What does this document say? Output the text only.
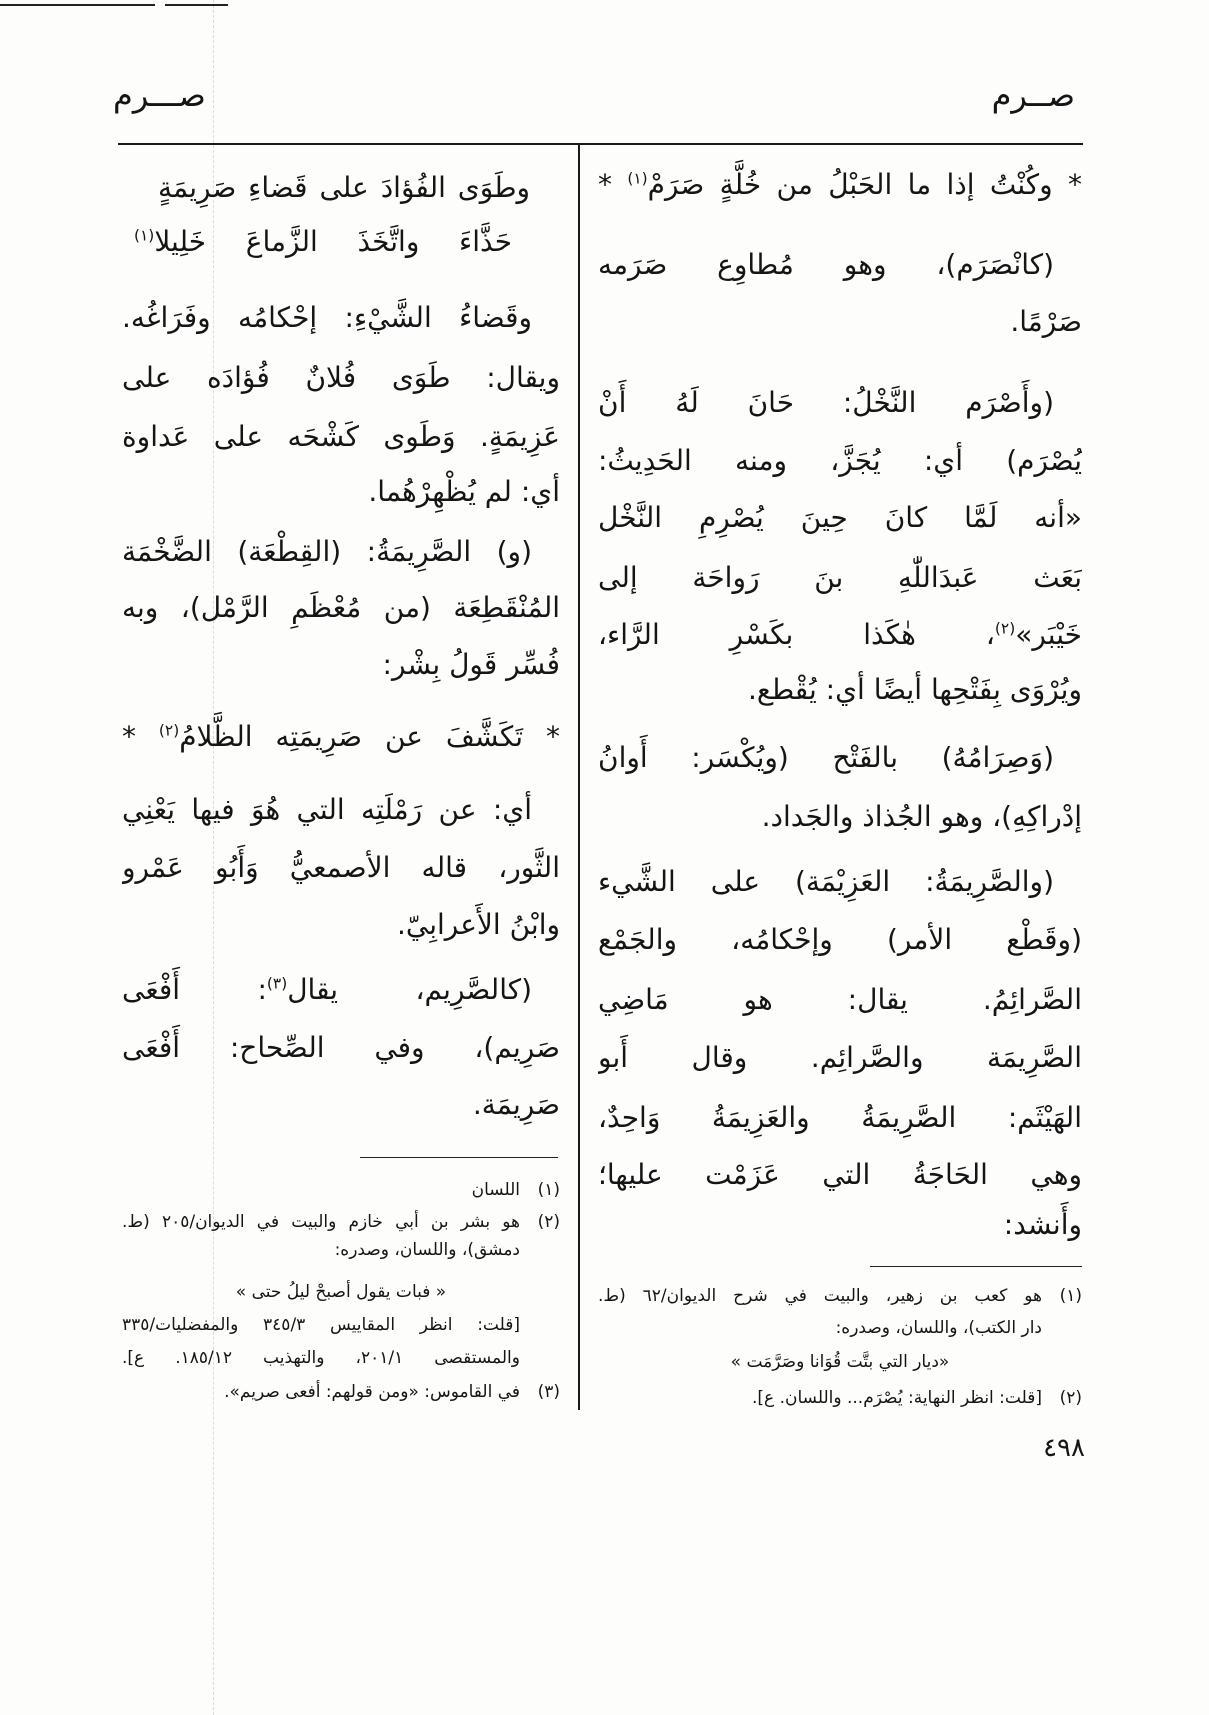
صــرم
صـــرم
* وكُنْتُ إذا ما الحَبْلُ من خُلَّةٍ صَرَمْ$^{(١)}$ *
(كانْصَرَم)، وهو مُطاوِع صَرَمه
صَرْمًا.
(وأَصْرَم النَّخْلُ: حَانَ لَهُ أَنْ
يُصْرَم) أي: يُجَزَّ، ومنه الحَدِيثُ:
«أنه لَمَّا كانَ حِينَ يُصْرِمِ النَّخْل
بَعَث عَبدَاللّٰهِ بنَ رَواحَة إلى
خَيْبَر»$^{(٢)}$، هٰكَذا بكَسْرِ الرَّاء،
ويُرْوَى بِفَتْحِها أيضًا أي: يُقْطع.
(وَصِرَامُهُ) بالفَتْح (ويُكْسَر: أَوانُ
إدْراكِهِ)، وهو الجُذاذ والجَداد.
(والصَّرِيمَةُ: العَزِيْمَة) على الشَّيء
(وقَطْع الأمر) وإحْكامُه، والجَمْع
الصَّرائِمُ. يقال: هو مَاضِي
الصَّرِيمَة والصَّرائِم. وقال أَبو
الهَيْثَم: الصَّرِيمَةُ والعَزِيمَةُ وَاحِدٌ،
وهي الحَاجَةُ التي عَزَمْت عليها؛
وأَنشد:
وطَوَى الفُؤادَ على قَضاءِ صَرِيمَةٍ
حَذَّاءَ واتَّخَذَ الزَّماعَ خَلِيلا$^{(١)}$
وقَضاءُ الشَّيْءِ: إحْكامُه وفَرَاغُه.
ويقال: طَوَى فُلانٌ فُؤادَه على
عَزِيمَةٍ. وَطَوى كَشْحَه على عَداوة
أي: لم يُظْهِرْهُما.
(و) الصَّرِيمَةُ: (القِطْعَة) الضَّخْمَة
المُنْقَطِعَة (من مُعْظَمِ الرَّمْل)، وبه
فُسِّر قَولُ بِشْر:
* تَكَشَّفَ عن صَرِيمَتِه الظَّلامُ$^{(٢)}$ *
أي: عن رَمْلَتِه التي هُوَ فيها يَعْنِي
الثَّور، قاله الأصمعيُّ وَأَبُو عَمْرو
وابْنُ الأَعرابِيّ.
(كالصَّرِيم، يقال$^{(٣)}$: أَفْعَى
صَرِيم)، وفي الصِّحاح: أَفْعَى
صَرِيمَة.
(١)
اللسان
(٢)
هو بشر بن أبي خازم والبيت في الديوان/٢٠٥ (ط.
دمشق)، واللسان، وصدره:
« فبات يقول أصبحْ ليلُ حتى »
[قلت: انظر المقاييس ٣٤٥/٣ والمفضليات/٣٣٥
والمستقصى ٢٠١/١، والتهذيب ١٨٥/١٢. ع].
(٣)
في القاموس: «ومن قولهم: أفعى صريم».
(١)
هو كعب بن زهير، والبيت في شرح الديوان/٦٢ (ط.
دار الكتب)، واللسان، وصدره:
«ديار التي بتَّت قُوَانا وصَرَّمَت »
(٢)
[قلت: انظر النهاية: يُصْرَم... واللسان. ع].
٤٩٨
